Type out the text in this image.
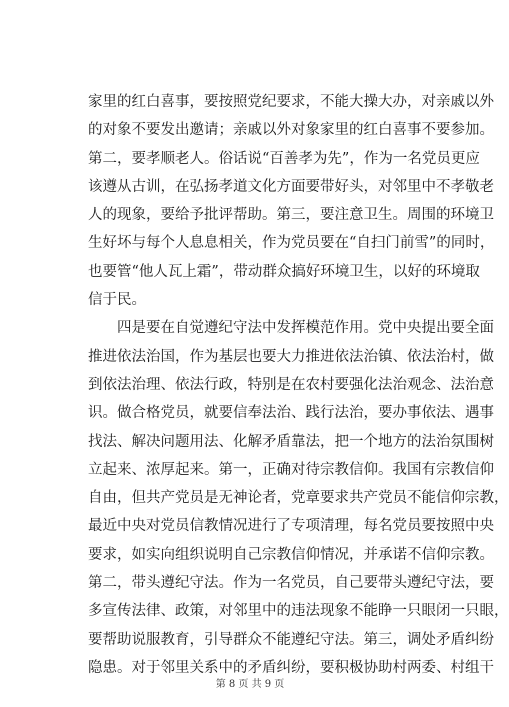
家里的红白喜事，要按照党纪要求，不能大操大办，对亲戚以外
的对象不要发出邀请；亲戚以外对象家里的红白喜事不要参加。
第二，要孝顺老人。俗话说“百善孝为先”，作为一名党员更应
该遵从古训，在弘扬孝道文化方面要带好头，对邻里中不孝敬老
人的现象，要给予批评帮助。第三，要注意卫生。周围的环境卫
生好坏与每个人息息相关，作为党员要在“自扫门前雪”的同时，
也要管“他人瓦上霜”，带动群众搞好环境卫生，以好的环境取
信于民。
四是要在自觉遵纪守法中发挥模范作用。党中央提出要全面
推进依法治国，作为基层也要大力推进依法治镇、依法治村，做
到依法治理、依法行政，特别是在农村要强化法治观念、法治意
识。做合格党员，就要信奉法治、践行法治，要办事依法、遇事
找法、解决问题用法、化解矛盾靠法，把一个地方的法治氛围树
立起来、浓厚起来。第一，正确对待宗教信仰。我国有宗教信仰
自由，但共产党员是无神论者，党章要求共产党员不能信仰宗教，
最近中央对党员信教情况进行了专项清理，每名党员要按照中央
要求，如实向组织说明自己宗教信仰情况，并承诺不信仰宗教。
第二，带头遵纪守法。作为一名党员，自己要带头遵纪守法，要
多宣传法律、政策，对邻里中的违法现象不能睁一只眼闭一只眼，
要帮助说服教育，引导群众不能遵纪守法。第三，调处矛盾纠纷
隐患。对于邻里关系中的矛盾纠纷，要积极协助村两委、村组干
第 8 页 共 9 页
